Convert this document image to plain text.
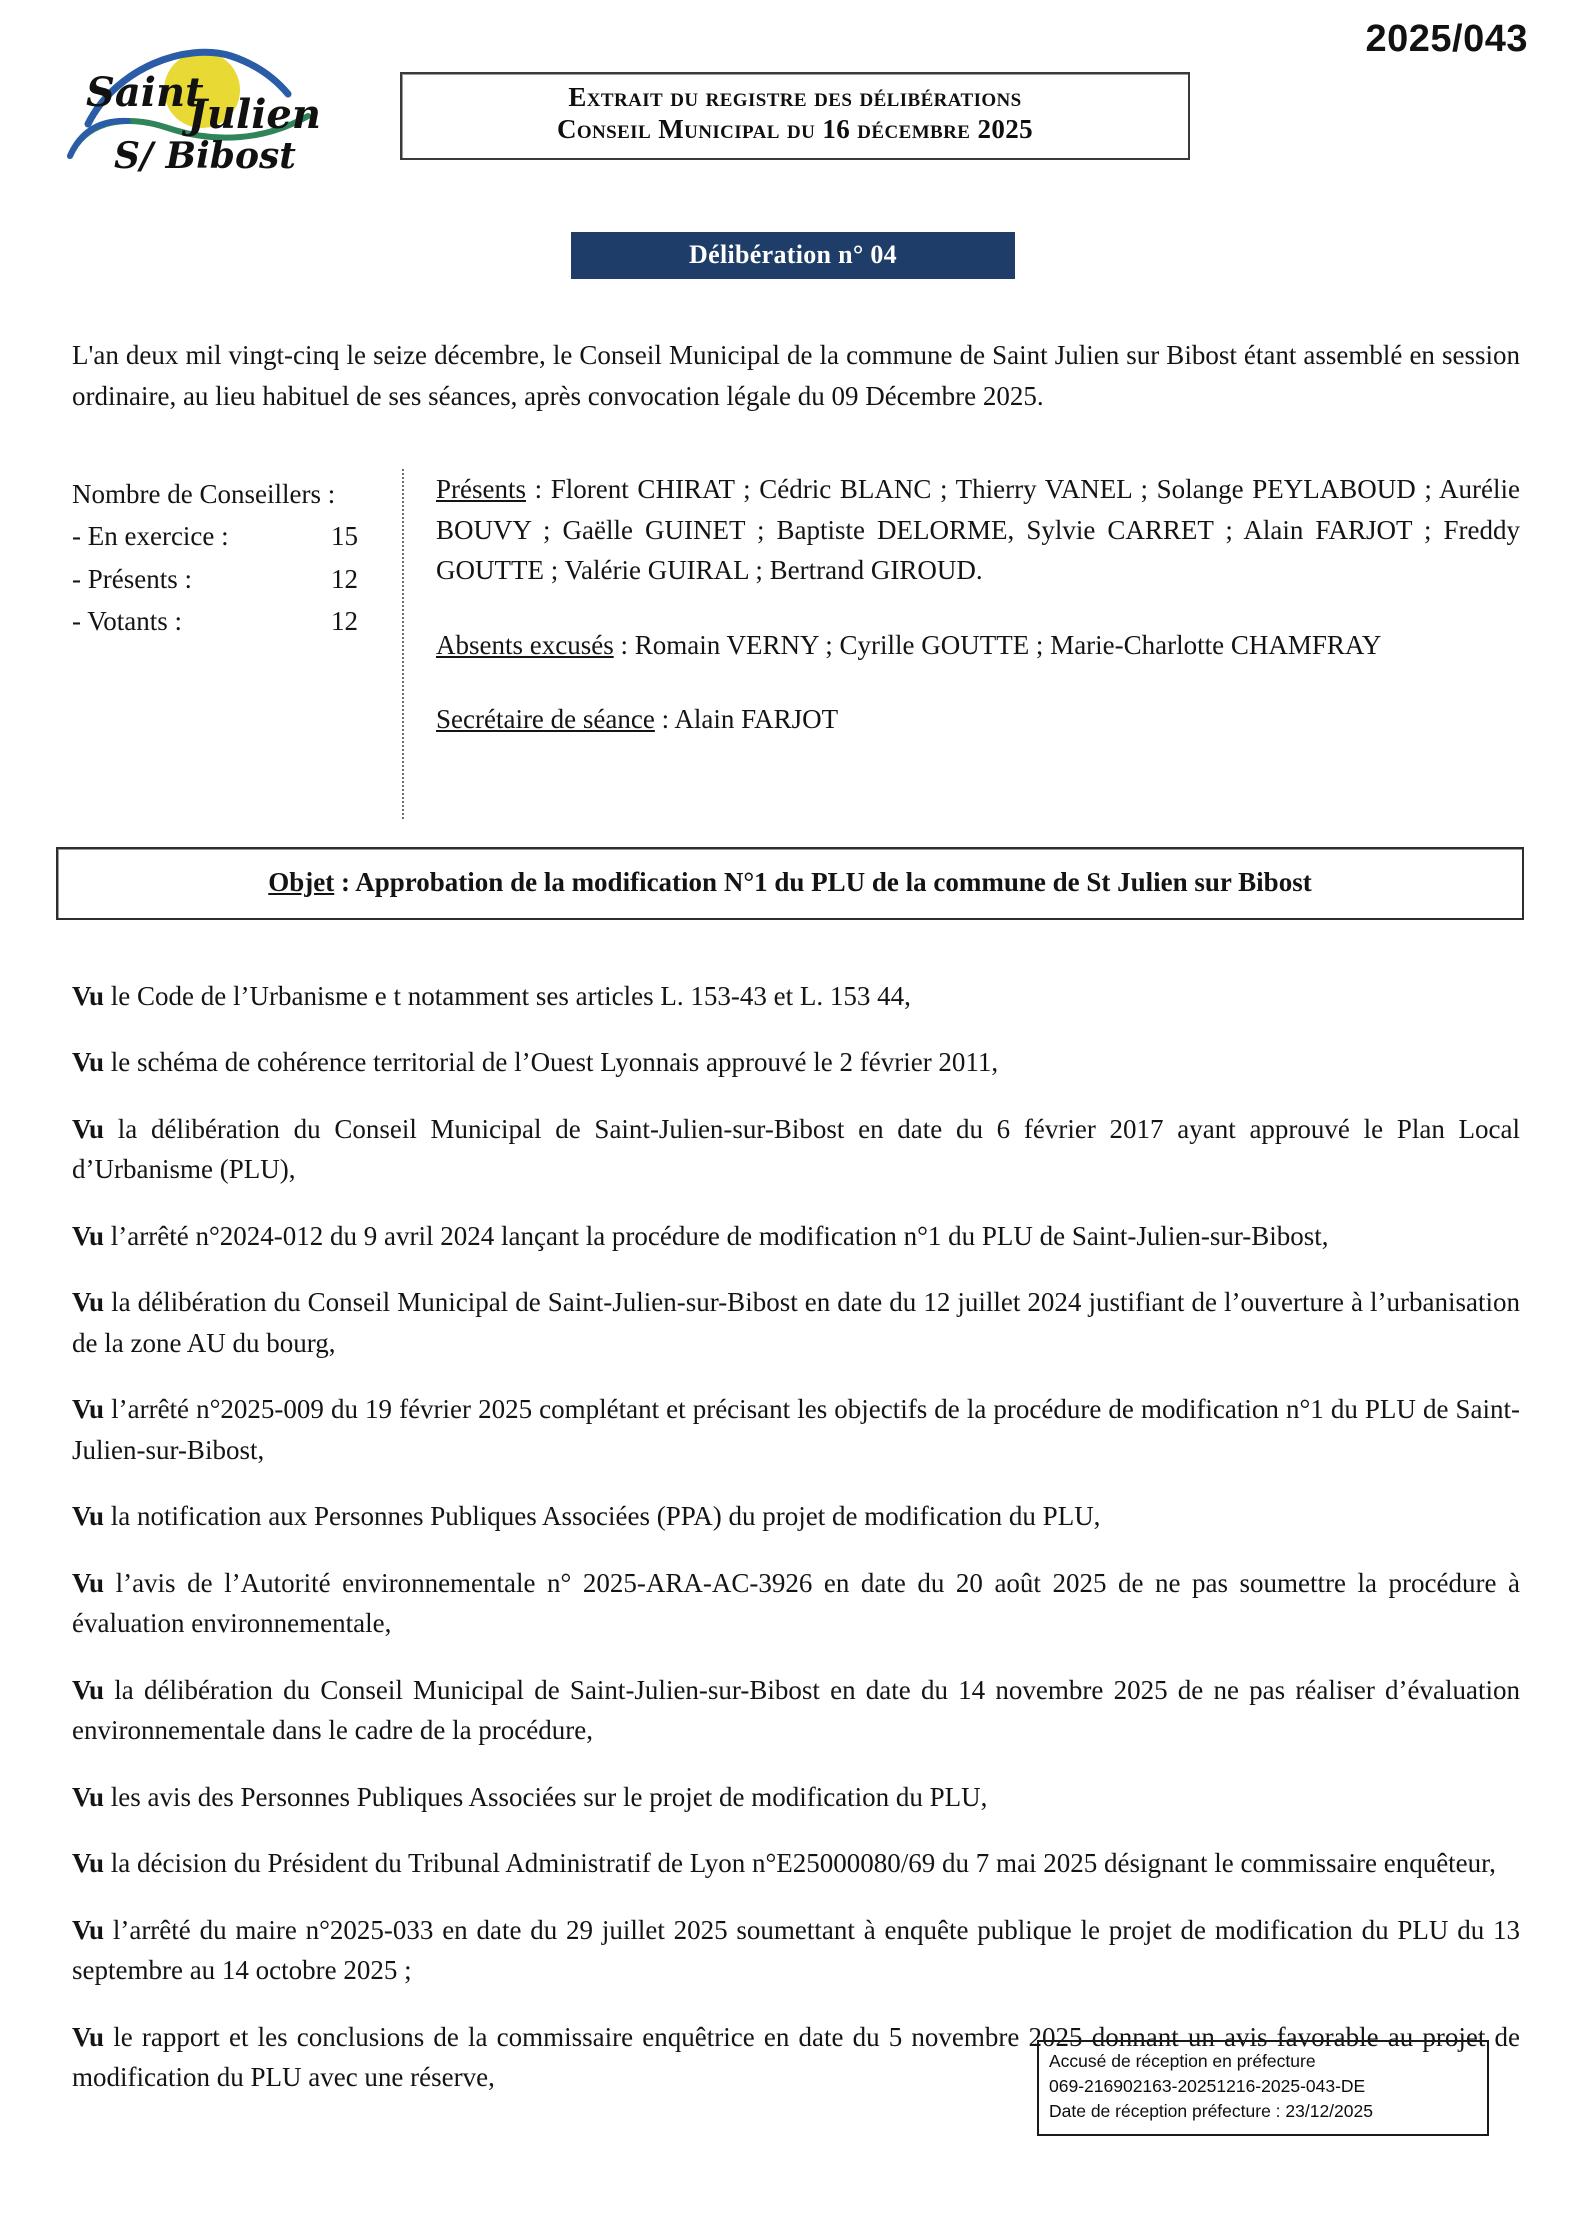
Saint
Julien
S/ Bibost
2025/043
Extrait du registre des délibérations
Conseil Municipal du 16 décembre 2025
Délibération n° 04
L'an deux mil vingt-cinq le seize décembre, le Conseil Municipal de la commune de Saint Julien sur Bibost étant assemblé en session ordinaire, au lieu habituel de ses séances, après convocation légale du 09 Décembre 2025.
Nombre de Conseillers :
- En exercice :	15
- Présents :	12
- Votants :	12
Présents : Florent CHIRAT ; Cédric BLANC ; Thierry VANEL ; Solange PEYLABOUD ; Aurélie BOUVY ; Gaëlle GUINET ; Baptiste DELORME, Sylvie CARRET ; Alain FARJOT ; Freddy GOUTTE ; Valérie GUIRAL ; Bertrand GIROUD.
Absents excusés : Romain VERNY ; Cyrille GOUTTE ; Marie-Charlotte CHAMFRAY
Secrétaire de séance : Alain FARJOT
Objet : Approbation de la modification N°1 du PLU de la commune de St Julien sur Bibost

Vu le Code de l’Urbanisme e t notamment ses articles L. 153-43 et L. 153 44,

Vu le schéma de cohérence territorial de l’Ouest Lyonnais approuvé le 2 février 2011,

Vu la délibération du Conseil Municipal de Saint-Julien-sur-Bibost en date du 6 février 2017 ayant approuvé le Plan Local d’Urbanisme (PLU),

Vu l’arrêté n°2024-012 du 9 avril 2024 lançant la procédure de modification n°1 du PLU de Saint-Julien-sur-Bibost,

Vu la délibération du Conseil Municipal de Saint-Julien-sur-Bibost en date du 12 juillet 2024 justifiant de l’ouverture à l’urbanisation de la zone AU du bourg,

Vu l’arrêté n°2025-009 du 19 février 2025 complétant et précisant les objectifs de la procédure de modification n°1 du PLU de Saint-Julien-sur-Bibost,

Vu la notification aux Personnes Publiques Associées (PPA) du projet de modification du PLU,

Vu l’avis de l’Autorité environnementale n° 2025-ARA-AC-3926 en date du 20 août 2025 de ne pas soumettre la procédure à évaluation environnementale,

Vu la délibération du Conseil Municipal de Saint-Julien-sur-Bibost en date du 14 novembre 2025 de ne pas réaliser d’évaluation environnementale dans le cadre de la procédure,

Vu les avis des Personnes Publiques Associées sur le projet de modification du PLU,

Vu la décision du Président du Tribunal Administratif de Lyon n°E25000080/69 du 7 mai 2025 désignant le commissaire enquêteur,

Vu l’arrêté du maire n°2025-033 en date du 29 juillet 2025 soumettant à enquête publique le projet de modification du PLU du 13 septembre au 14 octobre 2025 ;

Vu le rapport et les conclusions de la commissaire enquêtrice en date du 5 novembre 2025 donnant un avis favorable au projet de modification du PLU avec une réserve,

Accusé de réception en préfecture
069-216902163-20251216-2025-043-DE
Date de réception préfecture : 23/12/2025
